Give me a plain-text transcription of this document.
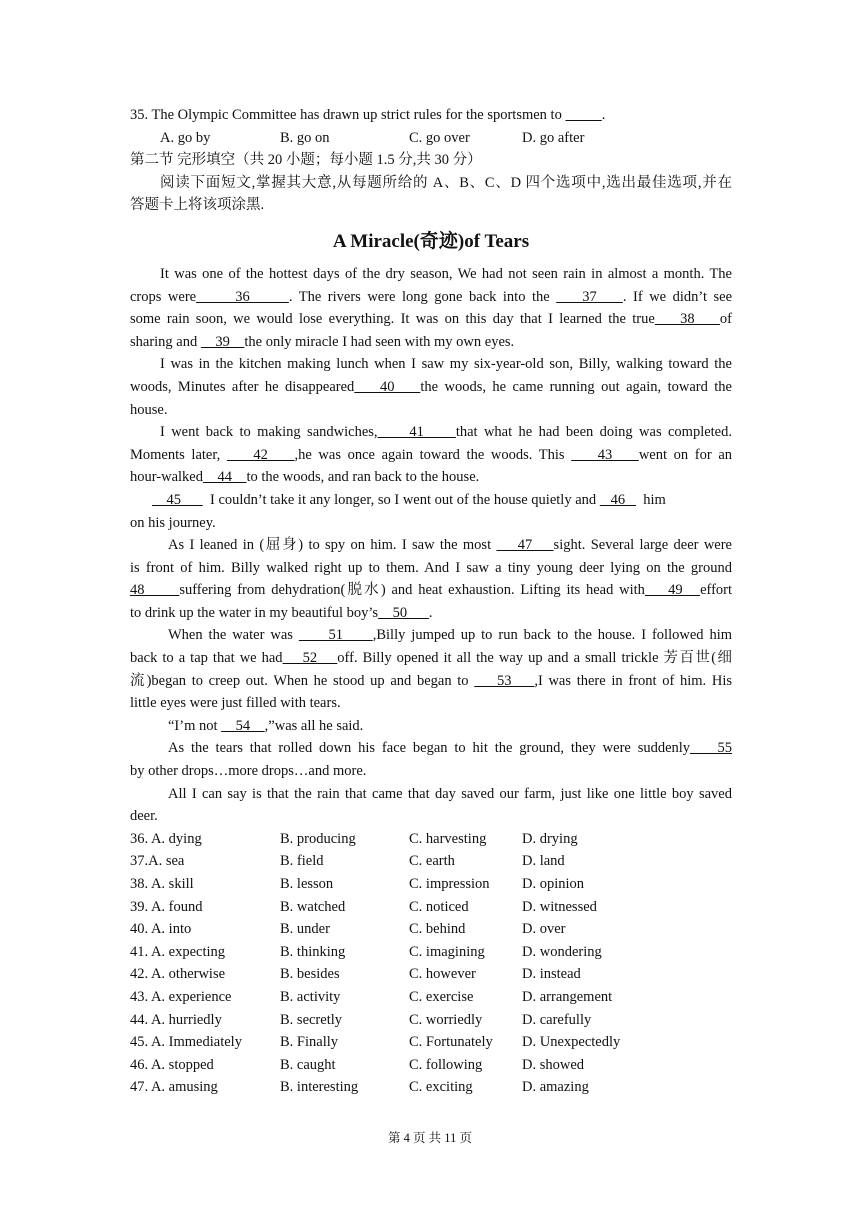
35. The Olympic Committee has drawn up strict rules for the sportsmen to	.
A. go by	B. go on	C. go over	D. go after
第二节 完形填空（共 20 小题；每小题 1.5 分,共 30 分）
阅读下面短文,掌握其大意,从每题所给的 A、B、C、D 四个选项中,选出最佳选项,并在
答题卡上将该项涂黑.
A Miracle(奇迹)of Tears
It was one of the hottest days of the dry season, We had not seen rain in almost a month. The
crops were      36      . The rivers were long gone back into the     37    . If we didn’t see
some rain soon, we would lose everything. It was on this day that I learned the true    38    of
sharing and     39    the only miracle I had seen with my own eyes.
I was in the kitchen making lunch when I saw my six-year-old son, Billy, walking toward the
woods, Minutes after he disappeared    40    the woods, he came running out again, toward the
house.
I went back to making sandwiches,     41     that what he had been doing was completed.
Moments later,     42    ,he was once again toward the woods. This     43    went on for an
hour-walked    44    to the woods, and ran back to the house.
45        I couldn’t take it any longer, so I went out of the house quietly and    46     him
on his journey.
As I leaned in (屈身) to spy on him. I saw the most     47    sight. Several large deer were
is front of him. Billy walked right up to them. And I saw a tiny young deer lying on the ground
48      suffering from dehydration(脱水) and heat exhaustion. Lifting its head with    49   effort
to drink up the water in my beautiful boy’s    50      .
When the water was      51     ,Billy jumped up to run back to the house. I followed him
back to a tap that we had    52    off. Billy opened it all the way up and a small trickle 芳百世(细
流)began to creep out. When he stood up and began to     53    ,I was there in front of him. His
little eyes were just filled with tears.
“I’m not     54    ,”was all he said.
As the tears that rolled down his face began to hit the ground, they were suddenly    55
by other drops…more drops…and more.
All I can say is that the rain that came that day saved our farm, just like one little boy saved
deer.
36. A. dying	B. producing	C. harvesting	D. drying
37.A. sea	B. field	C. earth	D. land
38. A. skill	B. lesson	C. impression	D. opinion
39. A. found	B. watched	C. noticed	D. witnessed
40. A. into	B. under	C. behind	D. over
41. A. expecting	B. thinking	C. imagining	D. wondering
42. A. otherwise	B. besides	C. however	D. instead
43. A. experience	B. activity	C. exercise	D. arrangement
44. A. hurriedly	B. secretly	C. worriedly	D. carefully
45. A. Immediately	B. Finally	C. Fortunately	D. Unexpectedly
46. A. stopped	B. caught	C. following	D. showed
47. A. amusing	B. interesting	C. exciting	D. amazing
第 4 页 共 11 页
